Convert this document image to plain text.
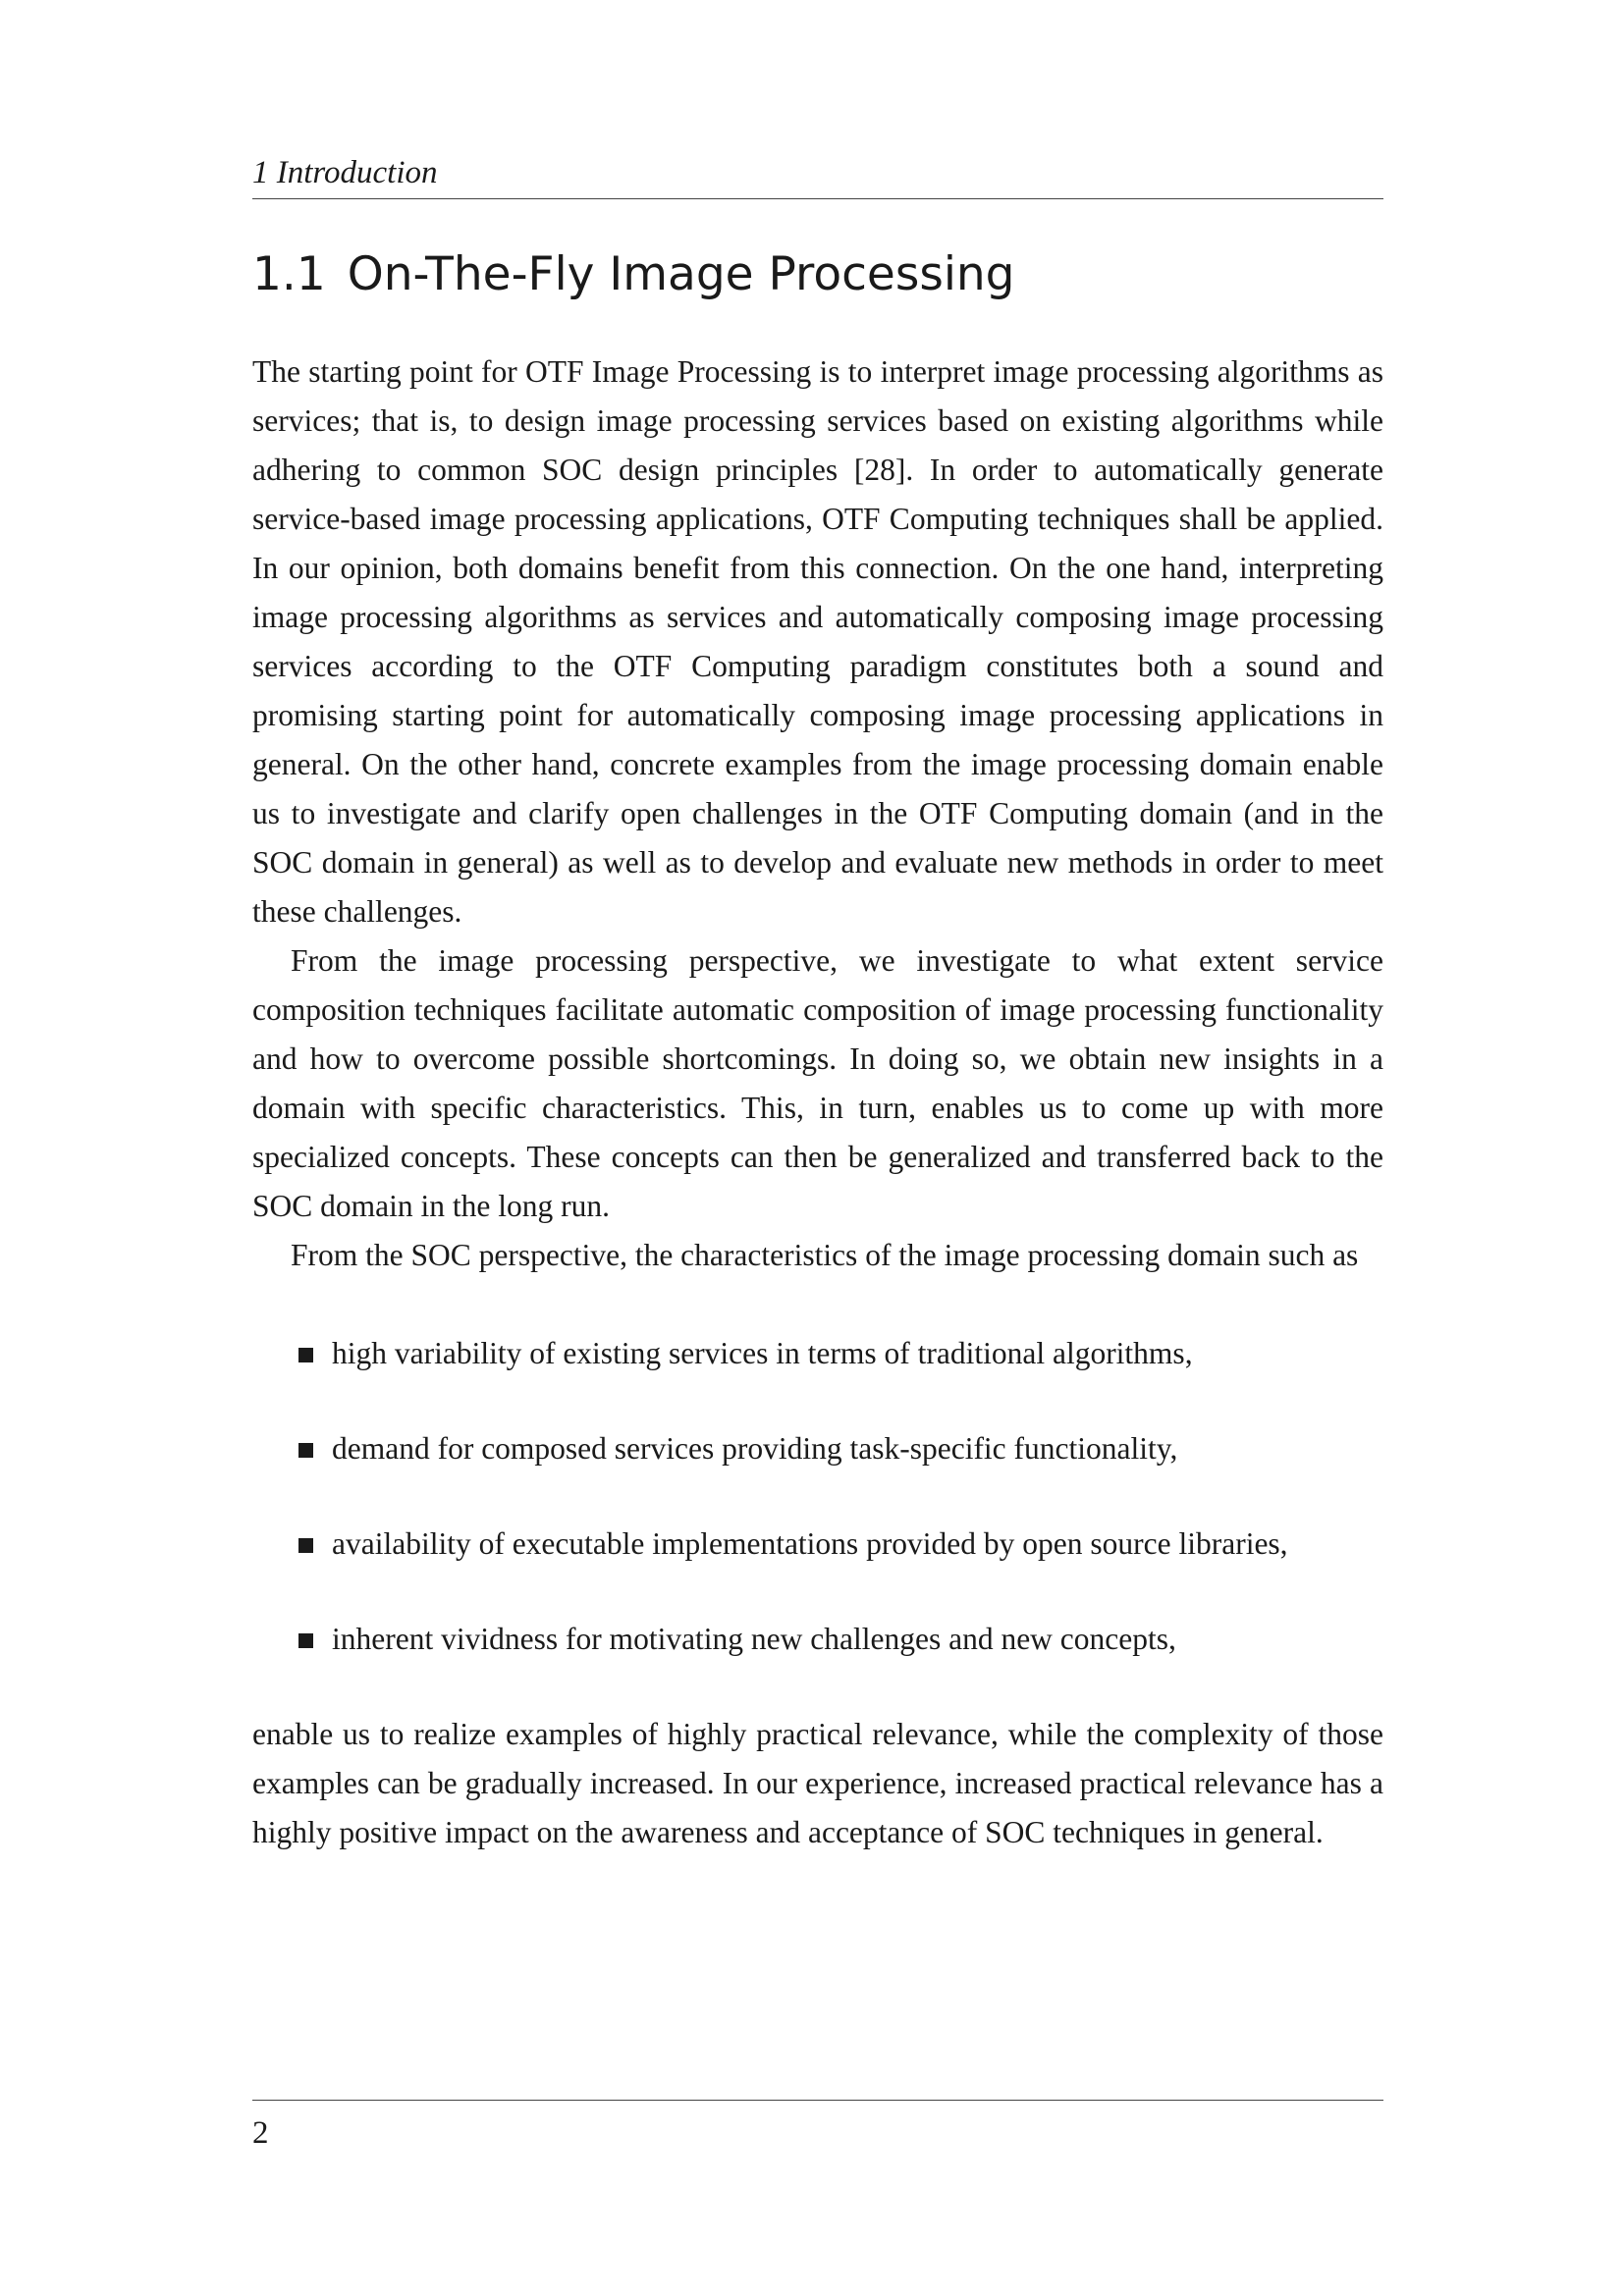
1 Introduction
1.1 On-The-Fly Image Processing

The starting point for OTF Image Processing is to interpret image processing algorithms as services; that is, to design image processing services based on existing algorithms while adhering to common SOC design principles [28]. In order to automatically generate service-based image processing applications, OTF Computing techniques shall be applied. In our opinion, both domains benefit from this connection. On the one hand, interpreting image processing algorithms as services and automatically composing image processing services according to the OTF Computing paradigm constitutes both a sound and promising starting point for automatically composing image processing applications in general. On the other hand, concrete examples from the image processing domain enable us to investigate and clarify open challenges in the OTF Computing domain (and in the SOC domain in general) as well as to develop and evaluate new methods in order to meet these challenges.

From the image processing perspective, we investigate to what extent service composition techniques facilitate automatic composition of image processing functionality and how to overcome possible shortcomings. In doing so, we obtain new insights in a domain with specific characteristics. This, in turn, enables us to come up with more specialized concepts. These concepts can then be generalized and transferred back to the SOC domain in the long run.

From the SOC perspective, the characteristics of the image processing domain such as

high variability of existing services in terms of traditional algorithms,
demand for composed services providing task-specific functionality,
availability of executable implementations provided by open source libraries,
inherent vividness for motivating new challenges and new concepts,

enable us to realize examples of highly practical relevance, while the complexity of those examples can be gradually increased. In our experience, increased practical relevance has a highly positive impact on the awareness and acceptance of SOC techniques in general.

2
